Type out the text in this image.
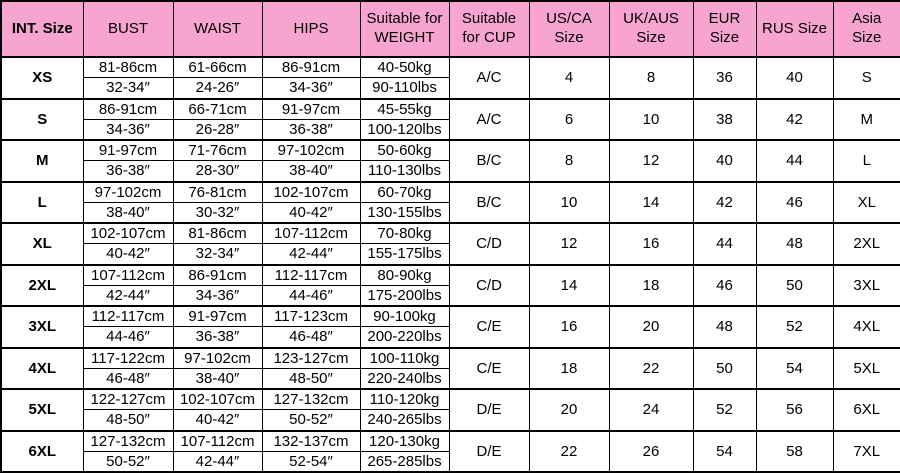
INT. Size	BUST	WAIST	HIPS	Suitable for WEIGHT	Suitable for CUP	US/CA Size	UK/AUS Size	EUR Size	RUS Size	Asia Size
XS	81-86cm	61-66cm	86-91cm	40-50kg	A/C	4	8	36	40	S
	32-34″	24-26″	34-36″	90-110lbs						
S	86-91cm	66-71cm	91-97cm	45-55kg	A/C	6	10	38	42	M
	34-36″	26-28″	36-38″	100-120lbs						
M	91-97cm	71-76cm	97-102cm	50-60kg	B/C	8	12	40	44	L
	36-38″	28-30″	38-40″	110-130lbs						
L	97-102cm	76-81cm	102-107cm	60-70kg	B/C	10	14	42	46	XL
	38-40″	30-32″	40-42″	130-155lbs						
XL	102-107cm	81-86cm	107-112cm	70-80kg	C/D	12	16	44	48	2XL
	40-42″	32-34″	42-44″	155-175lbs						
2XL	107-112cm	86-91cm	112-117cm	80-90kg	C/D	14	18	46	50	3XL
	42-44″	34-36″	44-46″	175-200lbs						
3XL	112-117cm	91-97cm	117-123cm	90-100kg	C/E	16	20	48	52	4XL
	44-46″	36-38″	46-48″	200-220lbs						
4XL	117-122cm	97-102cm	123-127cm	100-110kg	C/E	18	22	50	54	5XL
	46-48″	38-40″	48-50″	220-240lbs						
5XL	122-127cm	102-107cm	127-132cm	110-120kg	D/E	20	24	52	56	6XL
	48-50″	40-42″	50-52″	240-265lbs						
6XL	127-132cm	107-112cm	132-137cm	120-130kg	D/E	22	26	54	58	7XL
	50-52″	42-44″	52-54″	265-285lbs						
